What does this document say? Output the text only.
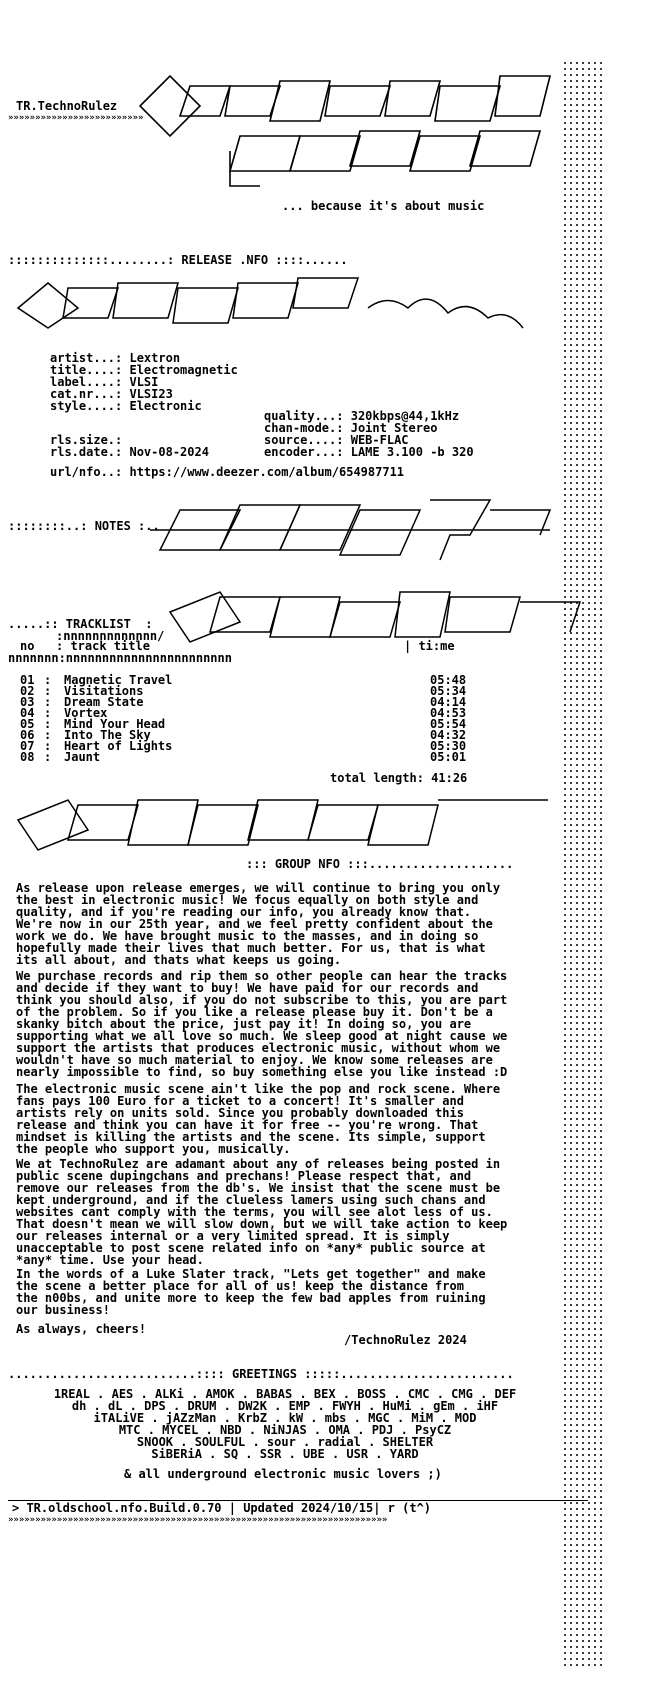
TR.TechnoRulez
»»»»»»»»»»»»»»»»»»»»»»»»»
... because it's about music
::::::::::::::........: RELEASE .NFO ::::......
artist...: Lextron
title....: Electromagnetic
label....: VLSI
cat.nr...: VLSI23
style....: Electronic
quality...: 320kbps@44,1kHz
chan-mode.: Joint Stereo
source....: WEB-FLAC
encoder...: LAME 3.100 -b 320
rls.size.:
rls.date.: Nov-08-2024
url/nfo..: https://www.deezer.com/album/654987711
::::::::..: NOTES :..
.....:: TRACKLIST  :
:nnnnnnnnnnnnn/
no : track title	| ti:me
nnnnnnn:nnnnnnnnnnnnnnnnnnnnnnn
01 : Magnetic Travel	05:48
02 : Visitations	05:34
03 : Dream State	04:14
04 : Vortex	04:53
05 : Mind Your Head	05:54
06 : Into The Sky	04:32
07 : Heart of Lights	05:30
08 : Jaunt	05:01
total length: 41:26
::: GROUP NFO :::....................

As release upon release emerges, we will continue to bring you only
the best in electronic music! We focus equally on both style and
quality, and if you're reading our info, you already know that.
We're now in our 25th year, and we feel pretty confident about the
work we do. We have brought music to the masses, and in doing so
hopefully made their lives that much better. For us, that is what
its all about, and thats what keeps us going.

We purchase records and rip them so other people can hear the tracks
and decide if they want to buy! We have paid for our records and
think you should also, if you do not subscribe to this, you are part
of the problem. So if you like a release please buy it. Don't be a
skanky bitch about the price, just pay it! In doing so, you are
supporting what we all love so much. We sleep good at night cause we
support the artists that produces electronic music, without whom we
wouldn't have so much material to enjoy. We know some releases are
nearly impossible to find, so buy something else you like instead :D

The electronic music scene ain't like the pop and rock scene. Where
fans pays 100 Euro for a ticket to a concert! It's smaller and
artists rely on units sold. Since you probably downloaded this
release and think you can have it for free -- you're wrong. That
mindset is killing the artists and the scene. Its simple, support
the people who support you, musically.

We at TechnoRulez are adamant about any of releases being posted in
public scene dupingchans and prechans! Please respect that, and
remove our releases from the db's. We insist that the scene must be
kept underground, and if the clueless lamers using such chans and
websites cant comply with the terms, you will see alot less of us.
That doesn't mean we will slow down, but we will take action to keep
our releases internal or a very limited spread. It is simply
unacceptable to post scene related info on *any* public source at
*any* time. Use your head.

In the words of a Luke Slater track, "Lets get together" and make
the scene a better place for all of us! keep the distance from
the n00bs, and unite more to keep the few bad apples from ruining
our business!

As always, cheers!

/TechnoRulez 2024
..........................:::: GREETINGS :::::........................
1REAL . AES . ALKi . AMOK . BABAS . BEX . BOSS . CMC . CMG . DEF
dh . dL . DPS . DRUM . DW2K . EMP . FWYH . HuMi . gEm . iHF
iTALiVE . jAZzMan . KrbZ . kW . mbs . MGC . MiM . MOD
MTC . MYCEL . NBD . NiNJAS . OMA . PDJ . PsyCZ
SNOOK . SOULFUL . sour . radial . SHELTER
SiBERiA . SQ . SSR . UBE . USR . YARD
& all underground electronic music lovers ;)
> TR.oldschool.nfo.Build.0.70 | Updated 2024/10/15| r (t^)
»»»»»»»»»»»»»»»»»»»»»»»»»»»»»»»»»»»»»»»»»»»»»»»»»»»»»»»»»»»»»»»»»»»»»»
